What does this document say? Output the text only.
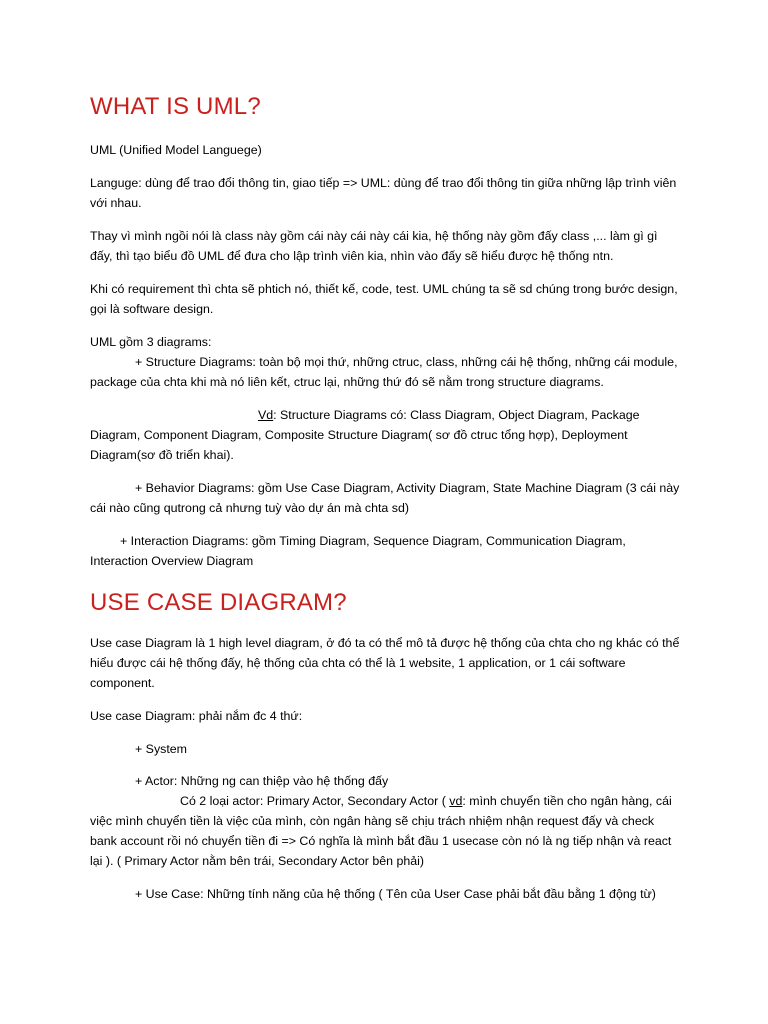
WHAT IS UML?

UML (Unified Model Languege)

Languge: dùng để trao đổi thông tin, giao tiếp => UML: dùng để trao đổi thông tin giữa những lập trình viên với nhau.

Thay vì mình ngồi nói là class này gồm cái này cái này cái kia, hệ thống này gồm đấy class ,... làm gì gì đấy, thì tạo biểu đồ UML để đưa cho lập trình viên kia, nhìn vào đấy sẽ hiểu được hệ thống ntn.

Khi có requirement thì chta sẽ phtich nó, thiết kế, code, test. UML chúng ta sẽ sd chúng trong bước design, gọi là software design.

UML gồm 3 diagrams:

+ Structure Diagrams: toàn bộ mọi thứ, những ctruc, class, những cái hệ thống, những cái module, package của chta khi mà nó liên kết, ctruc lại, những thứ đó sẽ nằm trong structure diagrams.

Vd: Structure Diagrams có: Class Diagram, Object Diagram, Package Diagram, Component Diagram, Composite Structure Diagram( sơ đồ ctruc tổng hợp), Deployment Diagram(sơ đồ triển khai).

+ Behavior Diagrams: gồm Use Case Diagram, Activity Diagram, State Machine Diagram (3 cái này cái nào cũng qutrong cả nhưng tuỳ vào dự án mà chta sd)

+ Interaction Diagrams: gồm Timing Diagram, Sequence Diagram, Communication Diagram, Interaction Overview Diagram

USE CASE DIAGRAM?

Use case Diagram là 1 high level diagram, ở đó ta có thể mô tả được hệ thống của chta cho ng khác có thể hiểu được cái hệ thống đấy, hệ thống của chta có thể là 1 website, 1 application, or 1 cái software component.

Use case Diagram: phải nắm đc 4 thứ:

+ System

+ Actor: Những ng can thiệp vào hệ thống đấy

Có 2 loại actor: Primary Actor, Secondary Actor ( vd: mình chuyển tiền cho ngân hàng, cái việc mình chuyển tiền là việc của mình, còn ngân hàng sẽ chịu trách nhiệm nhận request đấy và check bank account rồi nó chuyển tiền đi => Có nghĩa là mình bắt đầu 1 usecase còn nó là ng tiếp nhận và react lại ). ( Primary Actor nằm bên trái, Secondary Actor bên phải)

+ Use Case: Những tính năng của hệ thống ( Tên của User Case phải bắt đầu bằng 1 động từ)
